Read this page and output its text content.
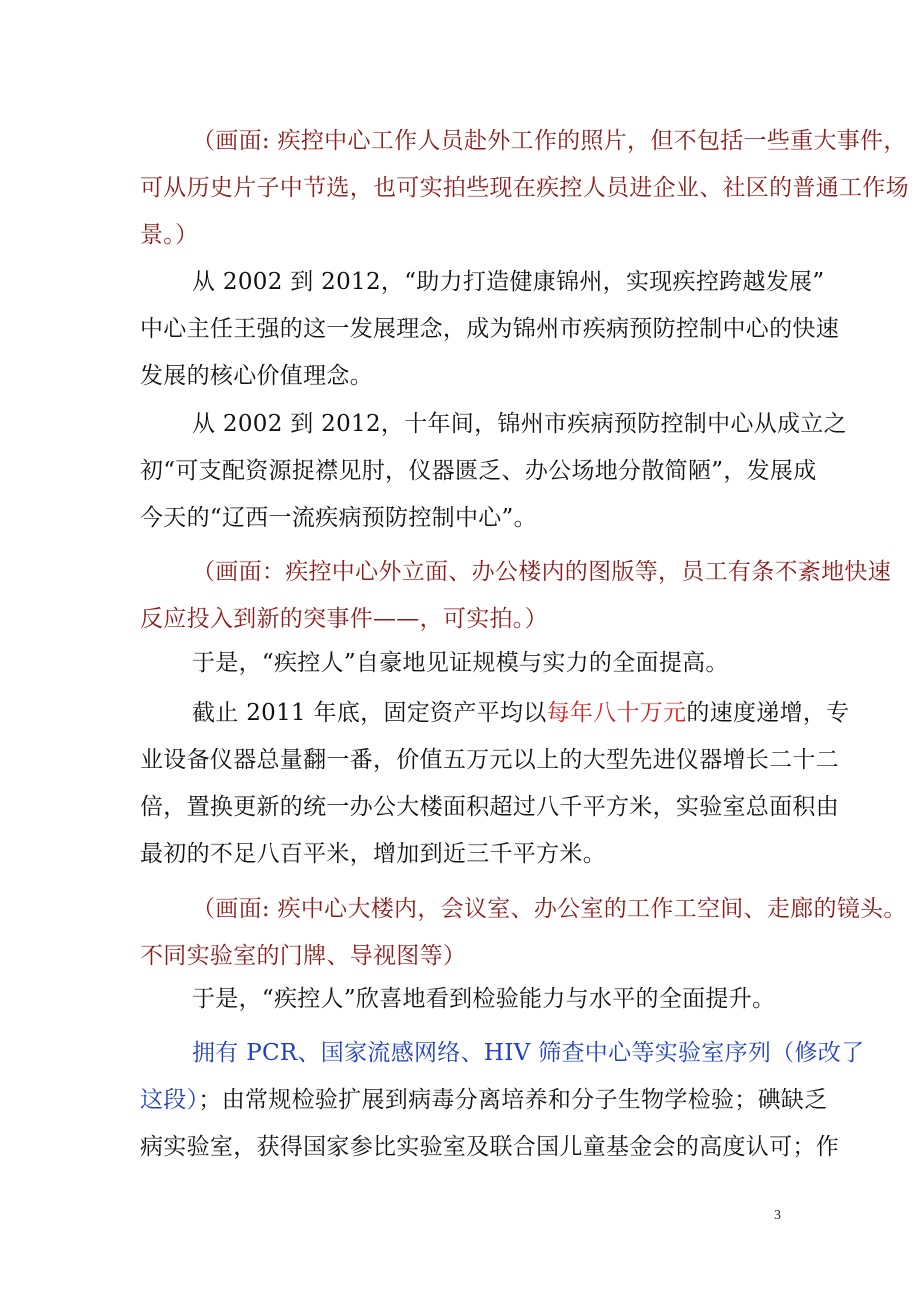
（画面: 疾控中心工作人员赴外工作的照片，但不包括一些重大事件，
可从历史片子中节选，也可实拍些现在疾控人员进企业、社区的普通工作场
景。）

从 2002 到 2012，“助力打造健康锦州，实现疾控跨越发展”
中心主任王强的这一发展理念，成为锦州市疾病预防控制中心的快速
发展的核心价值理念。

从 2002 到 2012，十年间，锦州市疾病预防控制中心从成立之
初“可支配资源捉襟见肘，仪器匮乏、办公场地分散简陋”，发展成
今天的“辽西一流疾病预防控制中心”。

（画面：疾控中心外立面、办公楼内的图版等，员工有条不紊地快速
反应投入到新的突事件——，可实拍。）

于是，“疾控人”自豪地见证规模与实力的全面提高。

截止 2011 年底，固定资产平均以每年八十万元的速度递增，专
业设备仪器总量翻一番，价值五万元以上的大型先进仪器增长二十二
倍，置换更新的统一办公大楼面积超过八千平方米，实验室总面积由
最初的不足八百平米，增加到近三千平方米。

（画面: 疾中心大楼内，会议室、办公室的工作工空间、走廊的镜头。
不同实验室的门牌、导视图等）

于是，“疾控人”欣喜地看到检验能力与水平的全面提升。

拥有 PCR、国家流感网络、HIV 筛查中心等实验室序列（修改了
这段）；由常规检验扩展到病毒分离培养和分子生物学检验；碘缺乏
病实验室，获得国家参比实验室及联合国儿童基金会的高度认可；作

3
